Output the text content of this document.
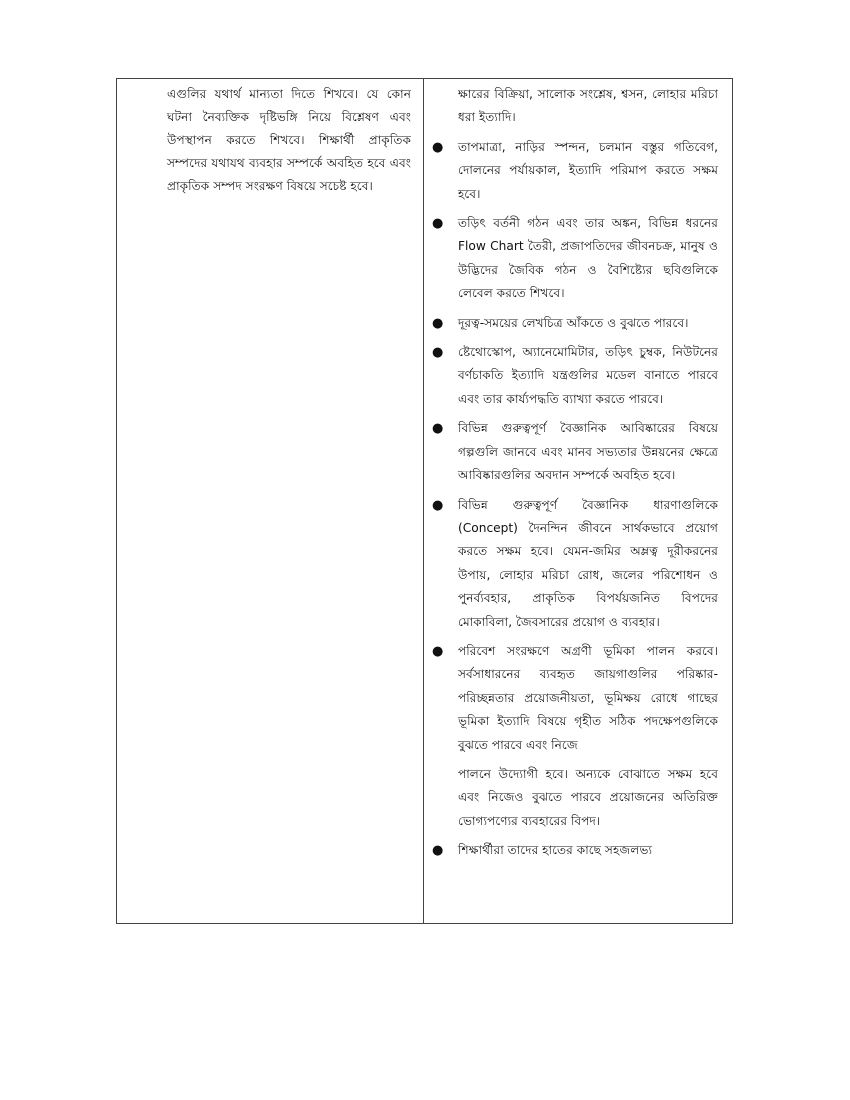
এগুলির যথার্থ মান্যতা দিতে শিখবে। যে কোন ঘটনা নৈব্যক্তিক দৃষ্টিভঙ্গি নিয়ে বিশ্লেষণ এবং উপস্থাপন করতে শিখবে। শিক্ষার্থী প্রাকৃতিক সম্পদের যথাযথ ব্যবহার সম্পর্কে অবহিত হবে এবং প্রাকৃতিক সম্পদ সংরক্ষণ বিষয়ে সচেষ্ট হবে।

ক্ষারের বিক্রিয়া, সালোক সংশ্লেষ, শ্বসন, লোহার মরিচা ধরা ইত্যাদি।
● তাপমাত্রা, নাড়ির স্পন্দন, চলমান বস্তুর গতিবেগ, দোলনের পর্যায়কাল, ইত্যাদি পরিমাপ করতে সক্ষম হবে।
● তড়িৎ বর্তনী গঠন এবং তার অঙ্কন, বিভিন্ন ধরনের Flow Chart তৈরী, প্রজাপতিদের জীবনচক্র, মানুষ ও উদ্ভিদের জৈবিক গঠন ও বৈশিষ্ট্যের ছবিগুলিকে লেবেল করতে শিখবে।
● দূরত্ব-সময়ের লেখচিত্র আঁকতে ও বুঝতে পারবে।
● ষ্টেথোস্কোপ, অ্যানেমোমিটার, তড়িৎ চুম্বক, নিউটনের বর্ণচাকতি ইত্যাদি যন্ত্রগুলির মডেল বানাতে পারবে এবং তার কার্য্যপদ্ধতি ব্যাখ্যা করতে পারবে।
● বিভিন্ন গুরুত্বপূর্ণ বৈজ্ঞানিক আবিষ্কারের বিষয়ে গল্পগুলি জানবে এবং মানব সভ্যতার উন্নয়নের ক্ষেত্রে আবিষ্কারগুলির অবদান সম্পর্কে অবহিত হবে।
● বিভিন্ন গুরুত্বপূর্ণ বৈজ্ঞানিক ধারণাগুলিকে (Concept) দৈনন্দিন জীবনে সার্থকভাবে প্রয়োগ করতে সক্ষম হবে। যেমন-জমির অম্লত্ব দূরীকরনের উপায়, লোহার মরিচা রোধ, জলের পরিশোধন ও পুনর্ব্যবহার, প্রাকৃতিক বিপর্যয়জনিত বিপদের মোকাবিলা, জৈবসারের প্রয়োগ ও ব্যবহার।
● পরিবেশ সংরক্ষণে অগ্রণী ভূমিকা পালন করবে। সর্বসাধারনের ব্যবহৃত জায়গাগুলির পরিষ্কার-পরিচ্ছন্নতার প্রয়োজনীয়তা, ভূমিক্ষয় রোধে গাছের ভূমিকা ইত্যাদি বিষয়ে গৃহীত সঠিক পদক্ষেপগুলিকে বুঝতে পারবে এবং নিজে
পালনে উদ্যোগী হবে। অন্যকে বোঝাতে সক্ষম হবে এবং নিজেও বুঝতে পারবে প্রয়োজনের অতিরিক্ত ভোগ্যপণ্যের ব্যবহারের বিপদ।
● শিক্ষার্থীরা তাদের হাতের কাছে সহজলভ্য
